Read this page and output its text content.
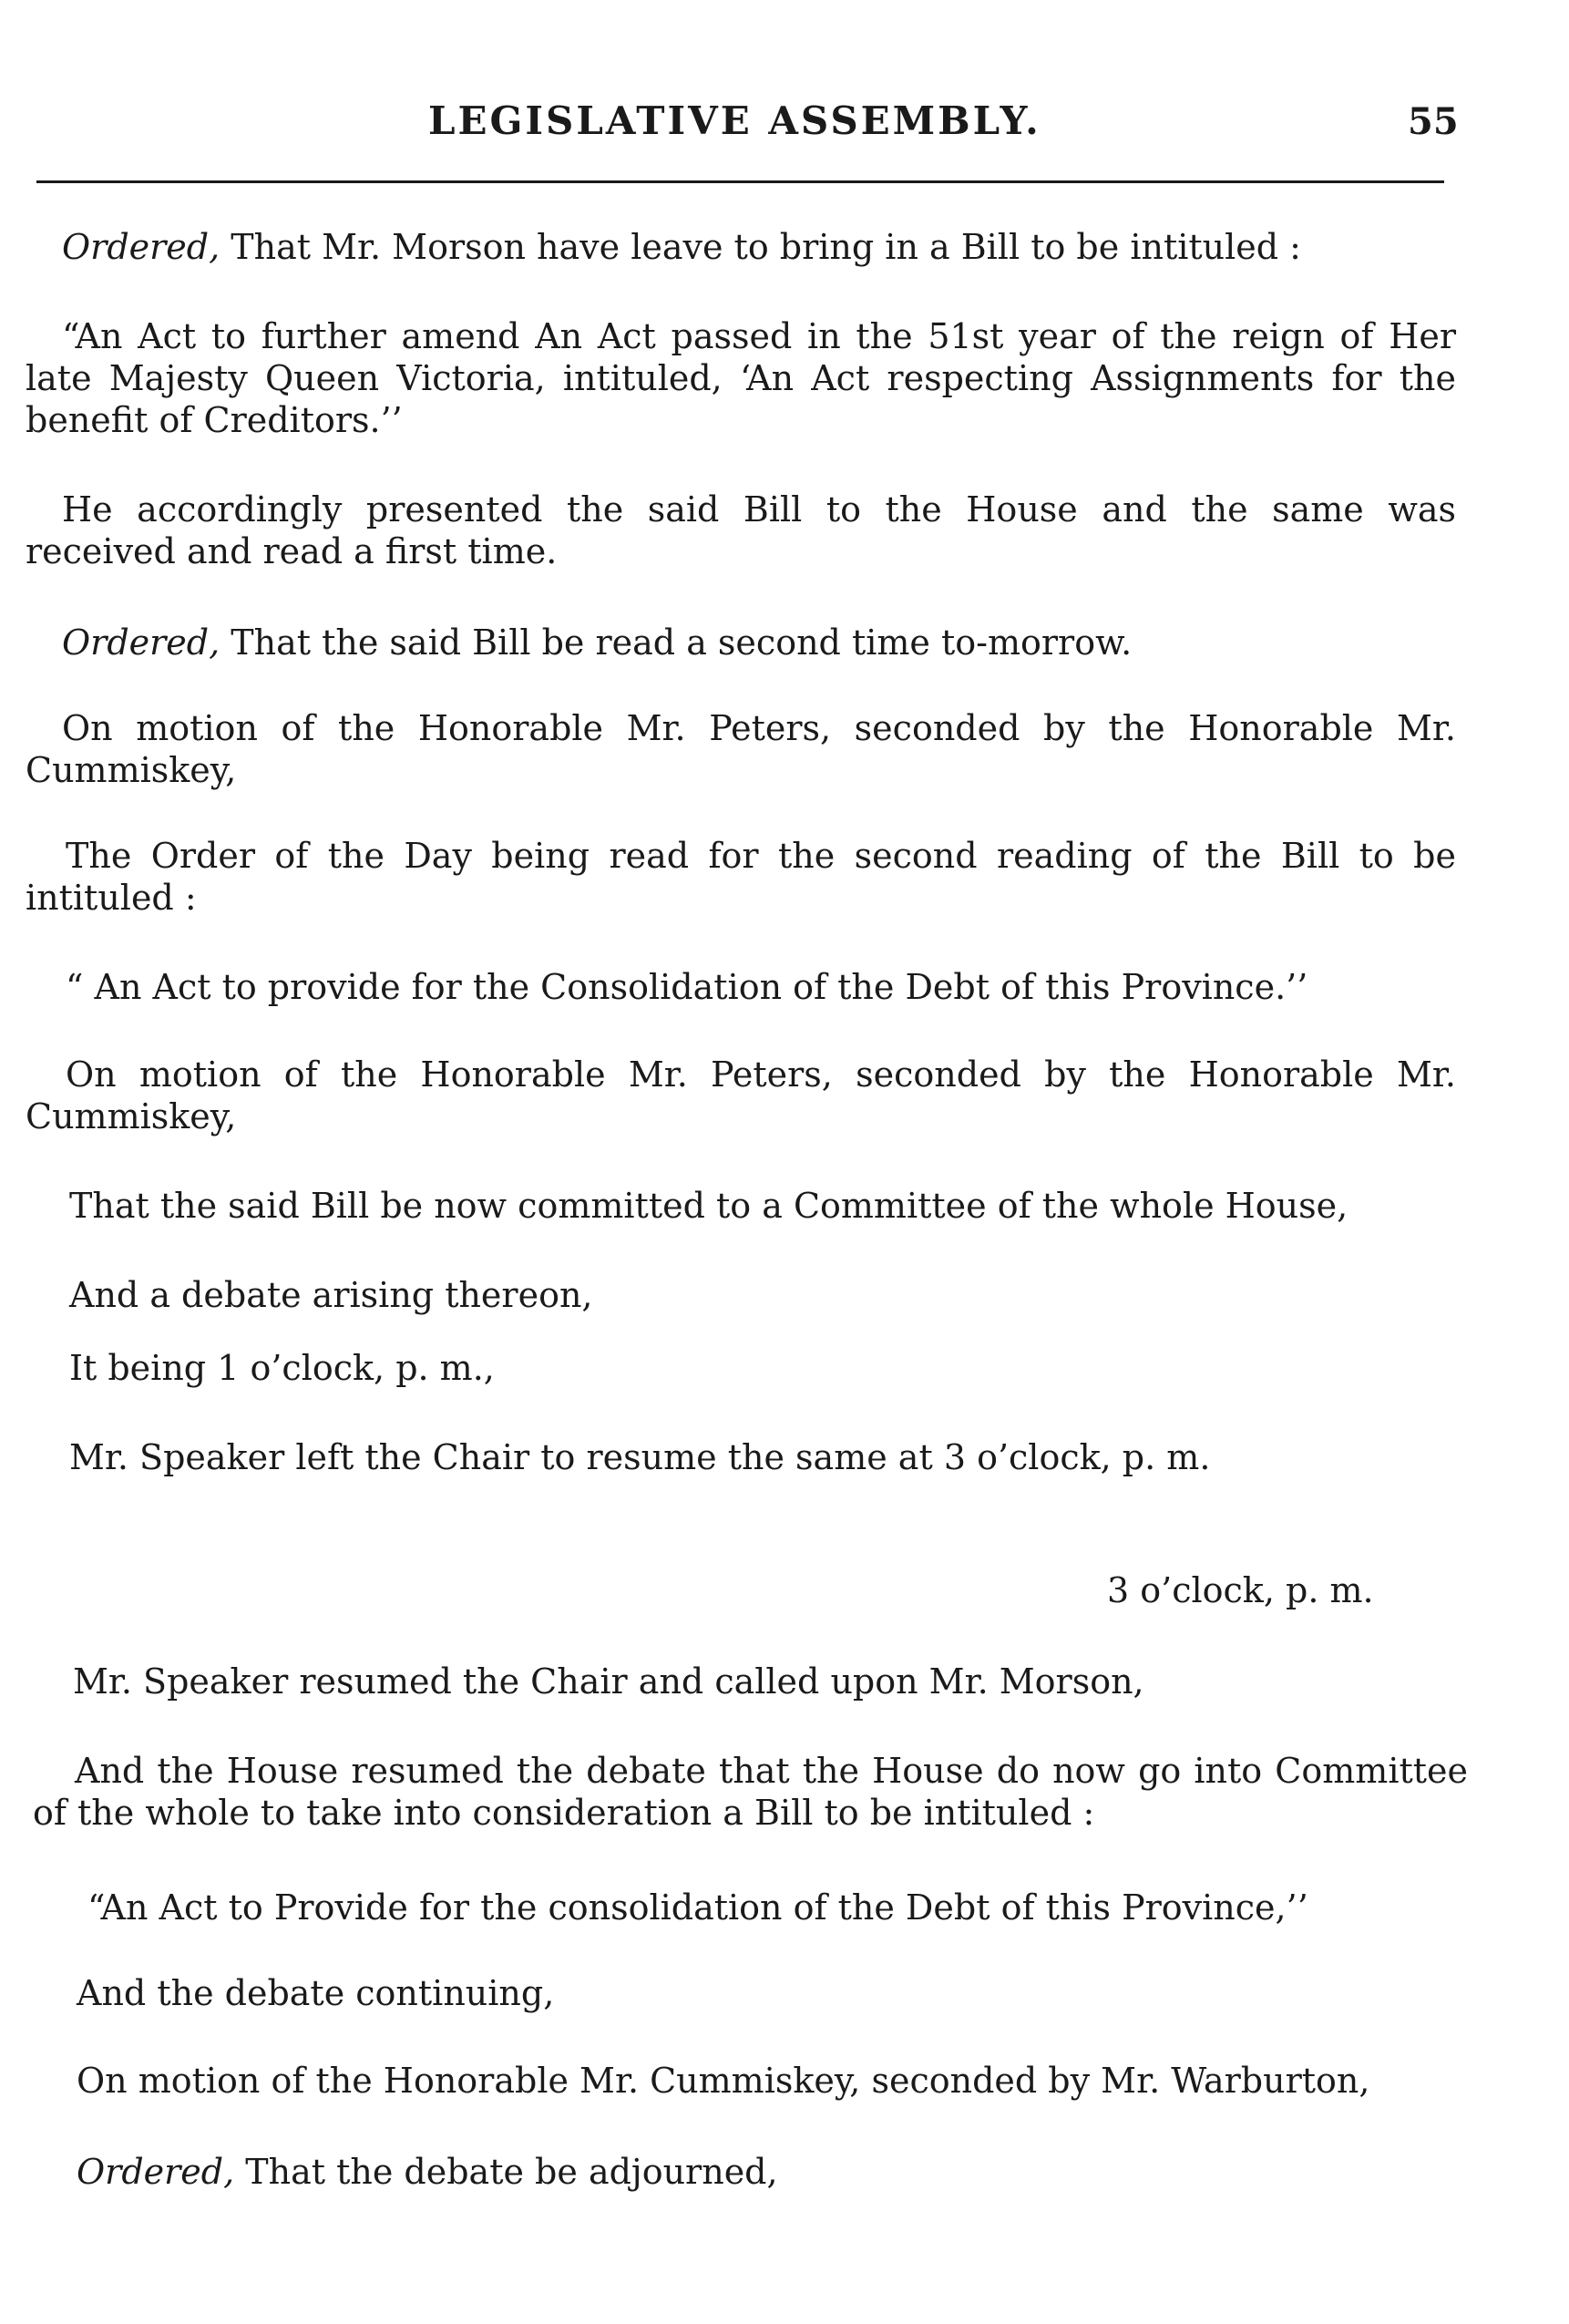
LEGISLATIVE ASSEMBLY.	55

Ordered, That Mr. Morson have leave to bring in a Bill to be intituled :

“An Act to further amend An Act passed in the 51st year of the reign of Her late Majesty Queen Victoria, intituled, ‘An Act respecting Assignments for the benefit of Creditors.’’

He accordingly presented the said Bill to the House and the same was received and read a first time.

Ordered, That the said Bill be read a second time to-morrow.

On motion of the Honorable Mr. Peters, seconded by the Honorable Mr. Cummiskey,

The Order of the Day being read for the second reading of the Bill to be intituled :

“ An Act to provide for the Consolidation of the Debt of this Province.’’

On motion of the Honorable Mr. Peters, seconded by the Honorable Mr. Cummiskey,

That the said Bill be now committed to a Committee of the whole House,

And a debate arising thereon,

It being 1 o’clock, p. m.,

Mr. Speaker left the Chair to resume the same at 3 o’clock, p. m.

3 o’clock, p. m.

Mr. Speaker resumed the Chair and called upon Mr. Morson,

And the House resumed the debate that the House do now go into Committee of the whole to take into consideration a Bill to be intituled :

“An Act to Provide for the consolidation of the Debt of this Province,’’

And the debate continuing,

On motion of the Honorable Mr. Cummiskey, seconded by Mr. Warburton,

Ordered, That the debate be adjourned,
